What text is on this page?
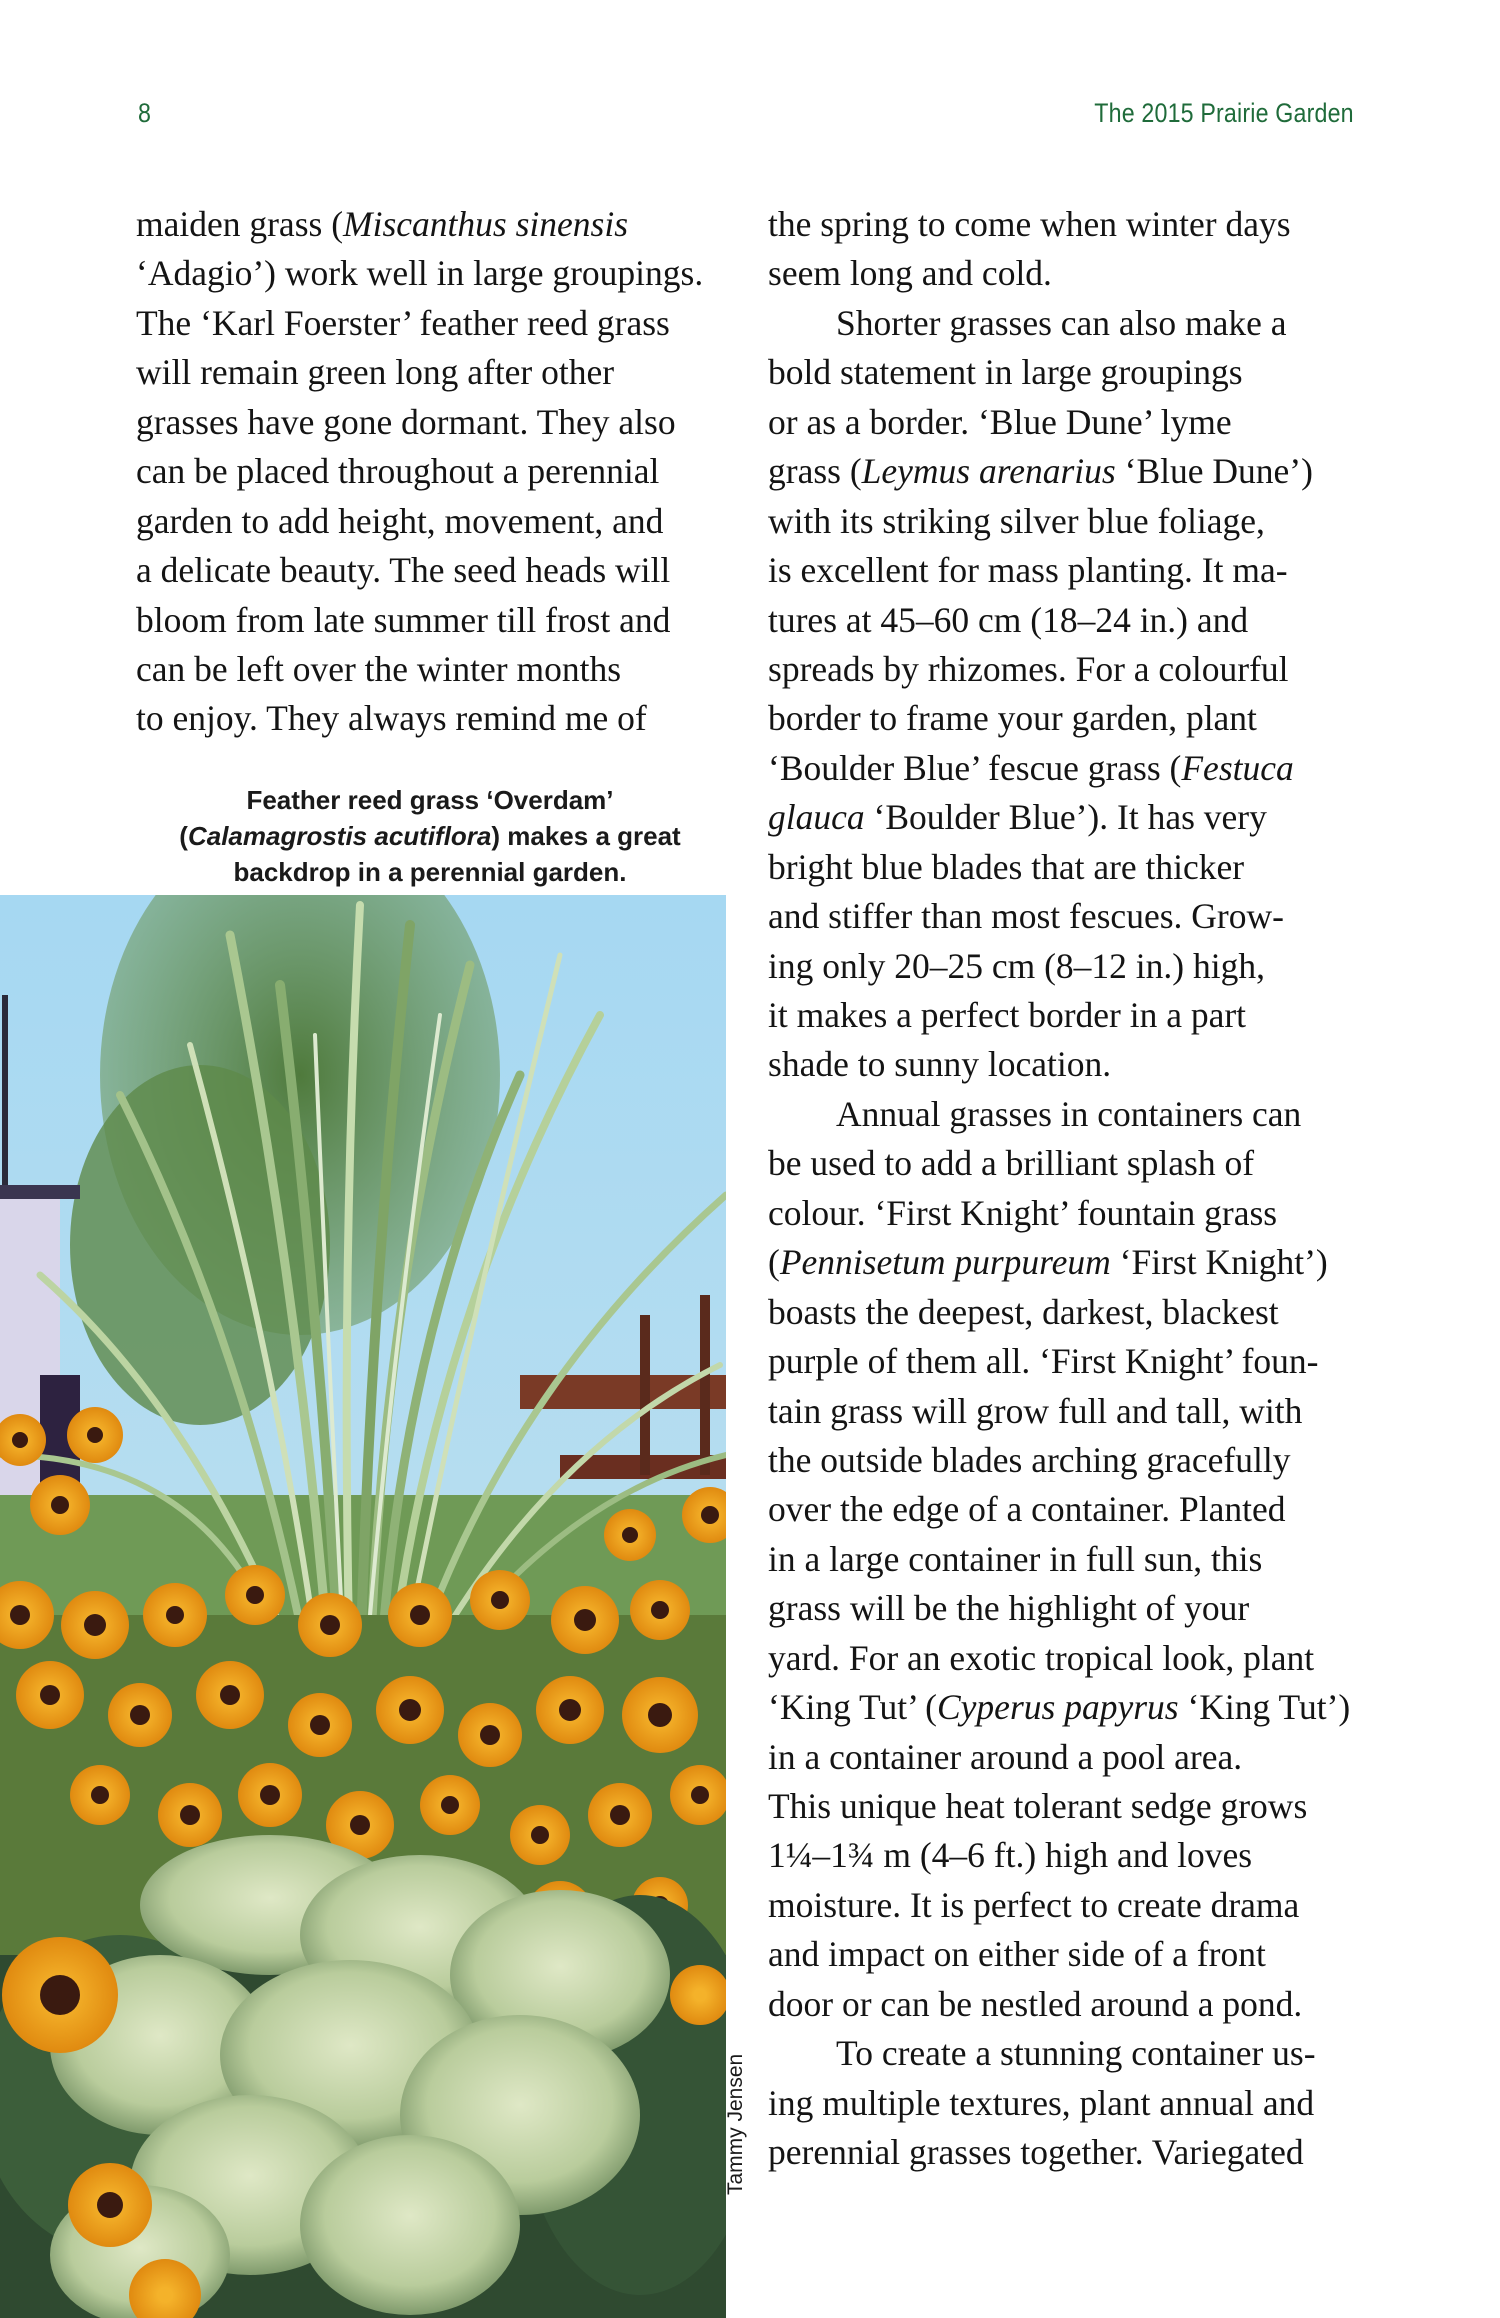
8	The 2015 Prairie Garden
maiden grass (Miscanthus sinensis
‘Adagio’) work well in large groupings.
The ‘Karl Foerster’ feather reed grass
will remain green long after other
grasses have gone dormant. They also
can be placed throughout a perennial
garden to add height, movement, and
a delicate beauty. The seed heads will
bloom from late summer till frost and
can be left over the winter months
to enjoy. They always remind me of
Feather reed grass ‘Overdam’
(Calamagrostis acutiflora) makes a great
backdrop in a perennial garden.
Tammy Jensen
the spring to come when winter days
seem long and cold.
Shorter grasses can also make a
bold statement in large groupings
or as a border. ‘Blue Dune’ lyme
grass (Leymus arenarius ‘Blue Dune’)
with its striking silver blue foliage,
is excellent for mass planting. It ma-
tures at 45–60 cm (18–24 in.) and
spreads by rhizomes. For a colourful
border to frame your garden, plant
‘Boulder Blue’ fescue grass (Festuca
glauca ‘Boulder Blue’). It has very
bright blue blades that are thicker
and stiffer than most fescues. Grow-
ing only 20–25 cm (8–12 in.) high,
it makes a perfect border in a part
shade to sunny location.
Annual grasses in containers can
be used to add a brilliant splash of
colour. ‘First Knight’ fountain grass
(Pennisetum purpureum ‘First Knight’)
boasts the deepest, darkest, blackest
purple of them all. ‘First Knight’ foun-
tain grass will grow full and tall, with
the outside blades arching gracefully
over the edge of a container. Planted
in a large container in full sun, this
grass will be the highlight of your
yard. For an exotic tropical look, plant
‘King Tut’ (Cyperus papyrus ‘King Tut’)
in a container around a pool area.
This unique heat tolerant sedge grows
1¼–1¾ m (4–6 ft.) high and loves
moisture. It is perfect to create drama
and impact on either side of a front
door or can be nestled around a pond.
To create a stunning container us-
ing multiple textures, plant annual and
perennial grasses together. Variegated
